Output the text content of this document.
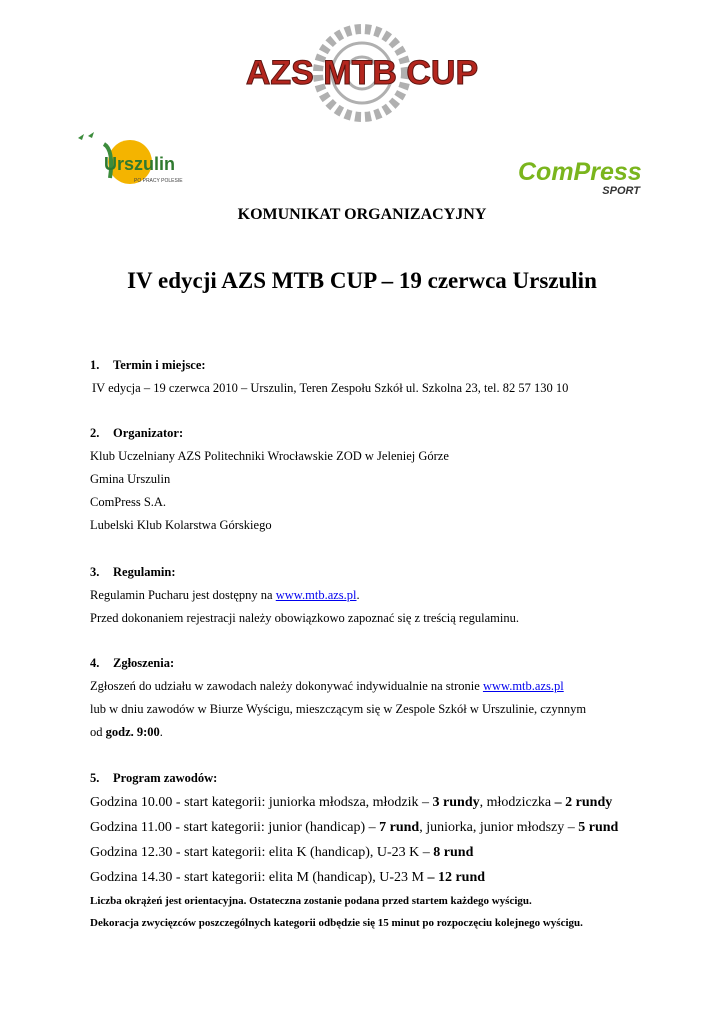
AZS MTB CUP
Urszulin
PO PRACY POLESIE	ComPress
SPORT
KOMUNIKAT ORGANIZACYJNY
IV edycji AZS MTB CUP – 19 czerwca Urszulin
1. Termin i miejsce:
IV edycja – 19 czerwca 2010 – Urszulin, Teren Zespołu Szkół ul. Szkolna 23, tel. 82 57 130 10
2. Organizator:
Klub Uczelniany AZS Politechniki Wrocławskie ZOD w Jeleniej Górze
Gmina Urszulin
ComPress S.A.
Lubelski Klub Kolarstwa Górskiego
3. Regulamin:
Regulamin Pucharu jest dostępny na www.mtb.azs.pl.
Przed dokonaniem rejestracji należy obowiązkowo zapoznać się z treścią regulaminu.
4. Zgłoszenia:
Zgłoszeń do udziału w zawodach należy dokonywać indywidualnie na stronie www.mtb.azs.pl
lub w dniu zawodów w Biurze Wyścigu, mieszczącym się w Zespole Szkół w Urszulinie, czynnym
od godz. 9:00.
5. Program zawodów:
Godzina 10.00 - start kategorii: juniorka młodsza, młodzik – 3 rundy, młodziczka – 2 rundy
Godzina 11.00 - start kategorii: junior (handicap) – 7 rund, juniorka, junior młodszy – 5 rund
Godzina 12.30 - start kategorii: elita K (handicap), U-23 K – 8 rund
Godzina 14.30 - start kategorii: elita M (handicap), U-23 M – 12 rund
Liczba okrążeń jest orientacyjna. Ostateczna zostanie podana przed startem każdego wyścigu.
Dekoracja zwycięzców poszczególnych kategorii odbędzie się 15 minut po rozpoczęciu kolejnego wyścigu.
